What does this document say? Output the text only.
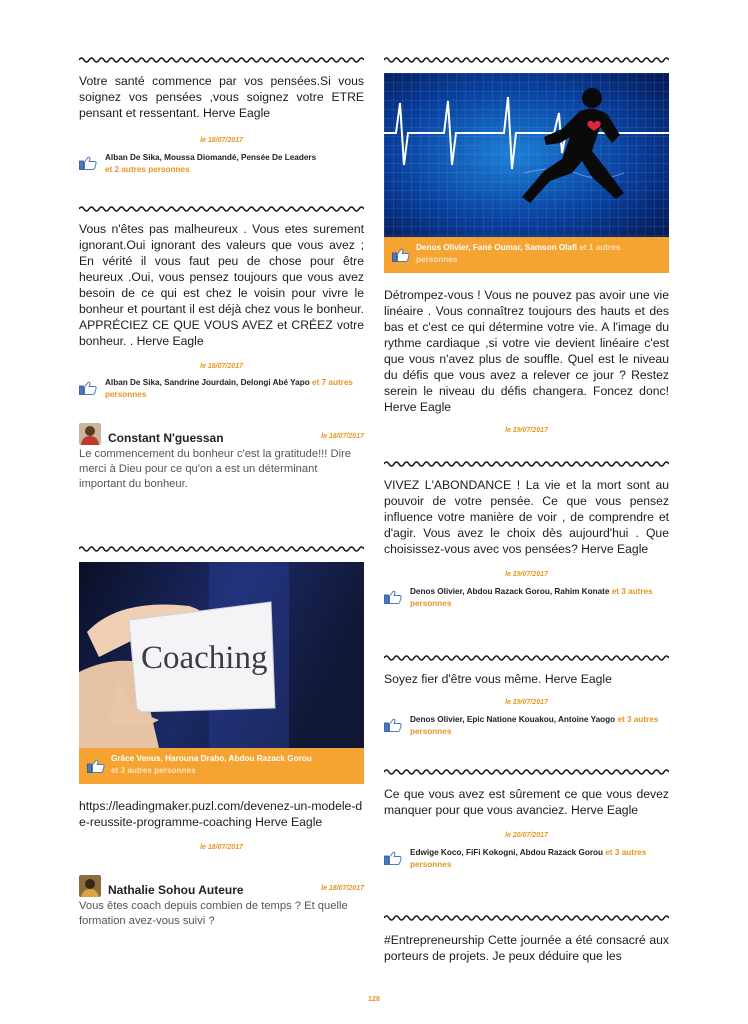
Votre santé commence par vos pensées.Si vous soignez vos pensées ,vous soignez votre ETRE pensant et ressentant. Herve Eagle

le 18/07/2017
Alban De Sika, Moussa Diomandé, Pensée De Leaders
et 2 autres personnes

Vous n'êtes pas malheureux . Vous etes surement ignorant.Oui ignorant des valeurs que vous avez ; En vérité il vous faut peu de chose pour être heureux .Oui, vous pensez toujours que vous avez besoin de ce qui est chez le voisin pour vivre le bonheur et pourtant il est déjà chez vous le bonheur. APPRÉCIEZ CE QUE VOUS AVEZ et CRÉEZ votre bonheur. . Herve Eagle

le 18/07/2017
Alban De Sika, Sandrine Jourdain, Delongi Abé Yapo et 7 autres personnes
Constant N'guessan	le 18/07/2017

Le commencement du bonheur c'est la gratitude!!! Dire merci à Dieu pour ce qu'on a est un déterminant important du bonheur.

Coaching
Grâce Venus, Harouna Drabo, Abdou Razack Gorou
et 3 autres personnes

https://leadingmaker.puzl.com/devenez-un-modele-de-reussite-programme-coaching Herve Eagle

le 18/07/2017
Nathalie Sohou Auteure	le 18/07/2017

Vous êtes coach depuis combien de temps ? Et quelle formation avez-vous suivi ?

Denos Olivier, Fané Oumar, Samson Olafi et 1 autres personnes

Détrompez-vous ! Vous ne pouvez pas avoir une vie linéaire . Vous connaîtrez toujours des hauts et des bas et c'est ce qui détermine votre vie. A l'image du rythme cardiaque ,si votre vie devient linéaire c'est que vous n'avez plus de souffle. Quel est le niveau du défis que vous avez a relever ce jour ? Restez serein le niveau du défis changera. Foncez donc! Herve Eagle

le 19/07/2017

VIVEZ L'ABONDANCE ! La vie et la mort sont au pouvoir de votre pensée. Ce que vous pensez influence votre manière de voir , de comprendre et d'agir. Vous avez le choix dès aujourd'hui . Que choisissez-vous avec vos pensées? Herve Eagle

le 19/07/2017
Denos Olivier, Abdou Razack Gorou, Rahim Konate et 3 autres personnes

Soyez fier d'être vous même. Herve Eagle

le 19/07/2017
Denos Olivier, Epic Natione Kouakou, Antoine Yaogo et 3 autres personnes

Ce que vous avez est sûrement ce que vous devez manquer pour que vous avanciez. Herve Eagle

le 20/07/2017
Edwige Koco, FiFi Kokogni, Abdou Razack Gorou et 3 autres personnes

#Entrepreneurship Cette journée a été consacré aux porteurs de projets. Je peux déduire que les

128
